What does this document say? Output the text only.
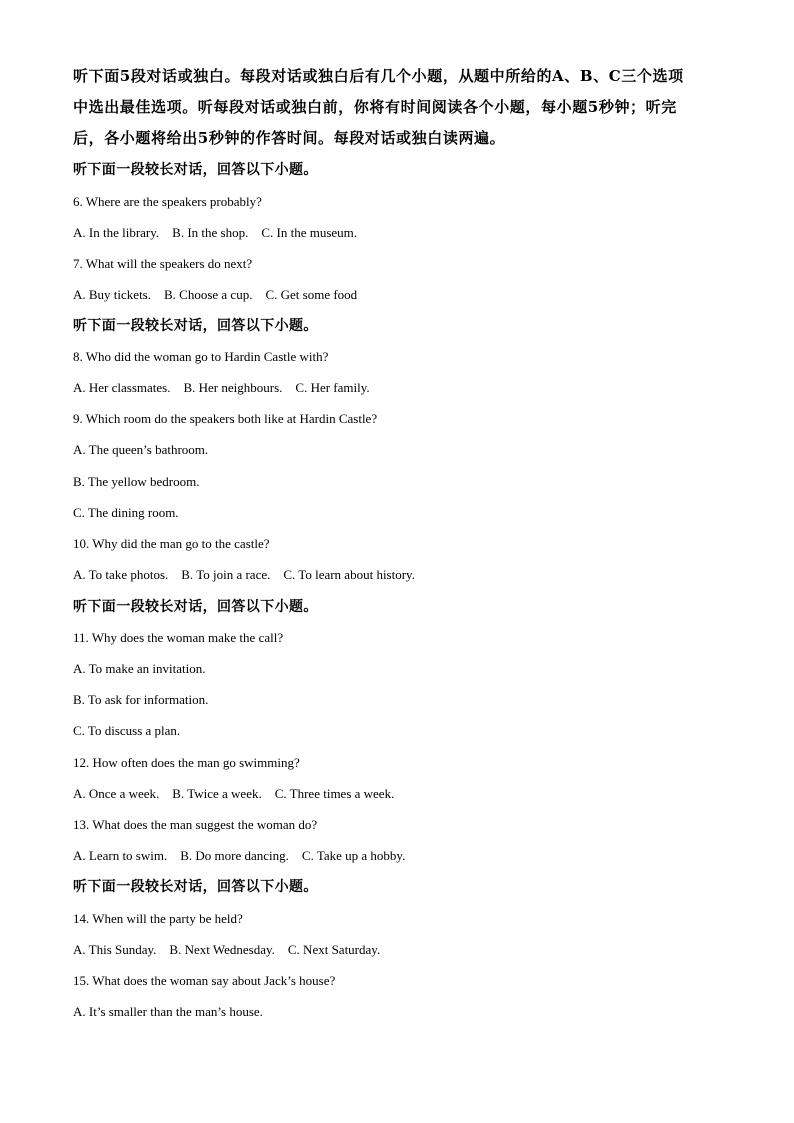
听下面5段对话或独白。每段对话或独白后有几个小题，从题中所给的A、B、C三个选项
中选出最佳选项。听每段对话或独白前，你将有时间阅读各个小题，每小题5秒钟；听完
后，各小题将给出5秒钟的作答时间。每段对话或独白读两遍。
听下面一段较长对话，回答以下小题。
6. Where are the speakers probably?
A. In the library.    B. In the shop.    C. In the museum.
7. What will the speakers do next?
A. Buy tickets.    B. Choose a cup.    C. Get some food
听下面一段较长对话，回答以下小题。
8. Who did the woman go to Hardin Castle with?
A. Her classmates.    B. Her neighbours.    C. Her family.
9. Which room do the speakers both like at Hardin Castle?
A. The queen’s bathroom.
B. The yellow bedroom.
C. The dining room.
10. Why did the man go to the castle?
A. To take photos.    B. To join a race.    C. To learn about history.
听下面一段较长对话，回答以下小题。
11. Why does the woman make the call?
A. To make an invitation.
B. To ask for information.
C. To discuss a plan.
12. How often does the man go swimming?
A. Once a week.    B. Twice a week.    C. Three times a week.
13. What does the man suggest the woman do?
A. Learn to swim.    B. Do more dancing.    C. Take up a hobby.
听下面一段较长对话，回答以下小题。
14. When will the party be held?
A. This Sunday.    B. Next Wednesday.    C. Next Saturday.
15. What does the woman say about Jack’s house?
A. It’s smaller than the man’s house.
